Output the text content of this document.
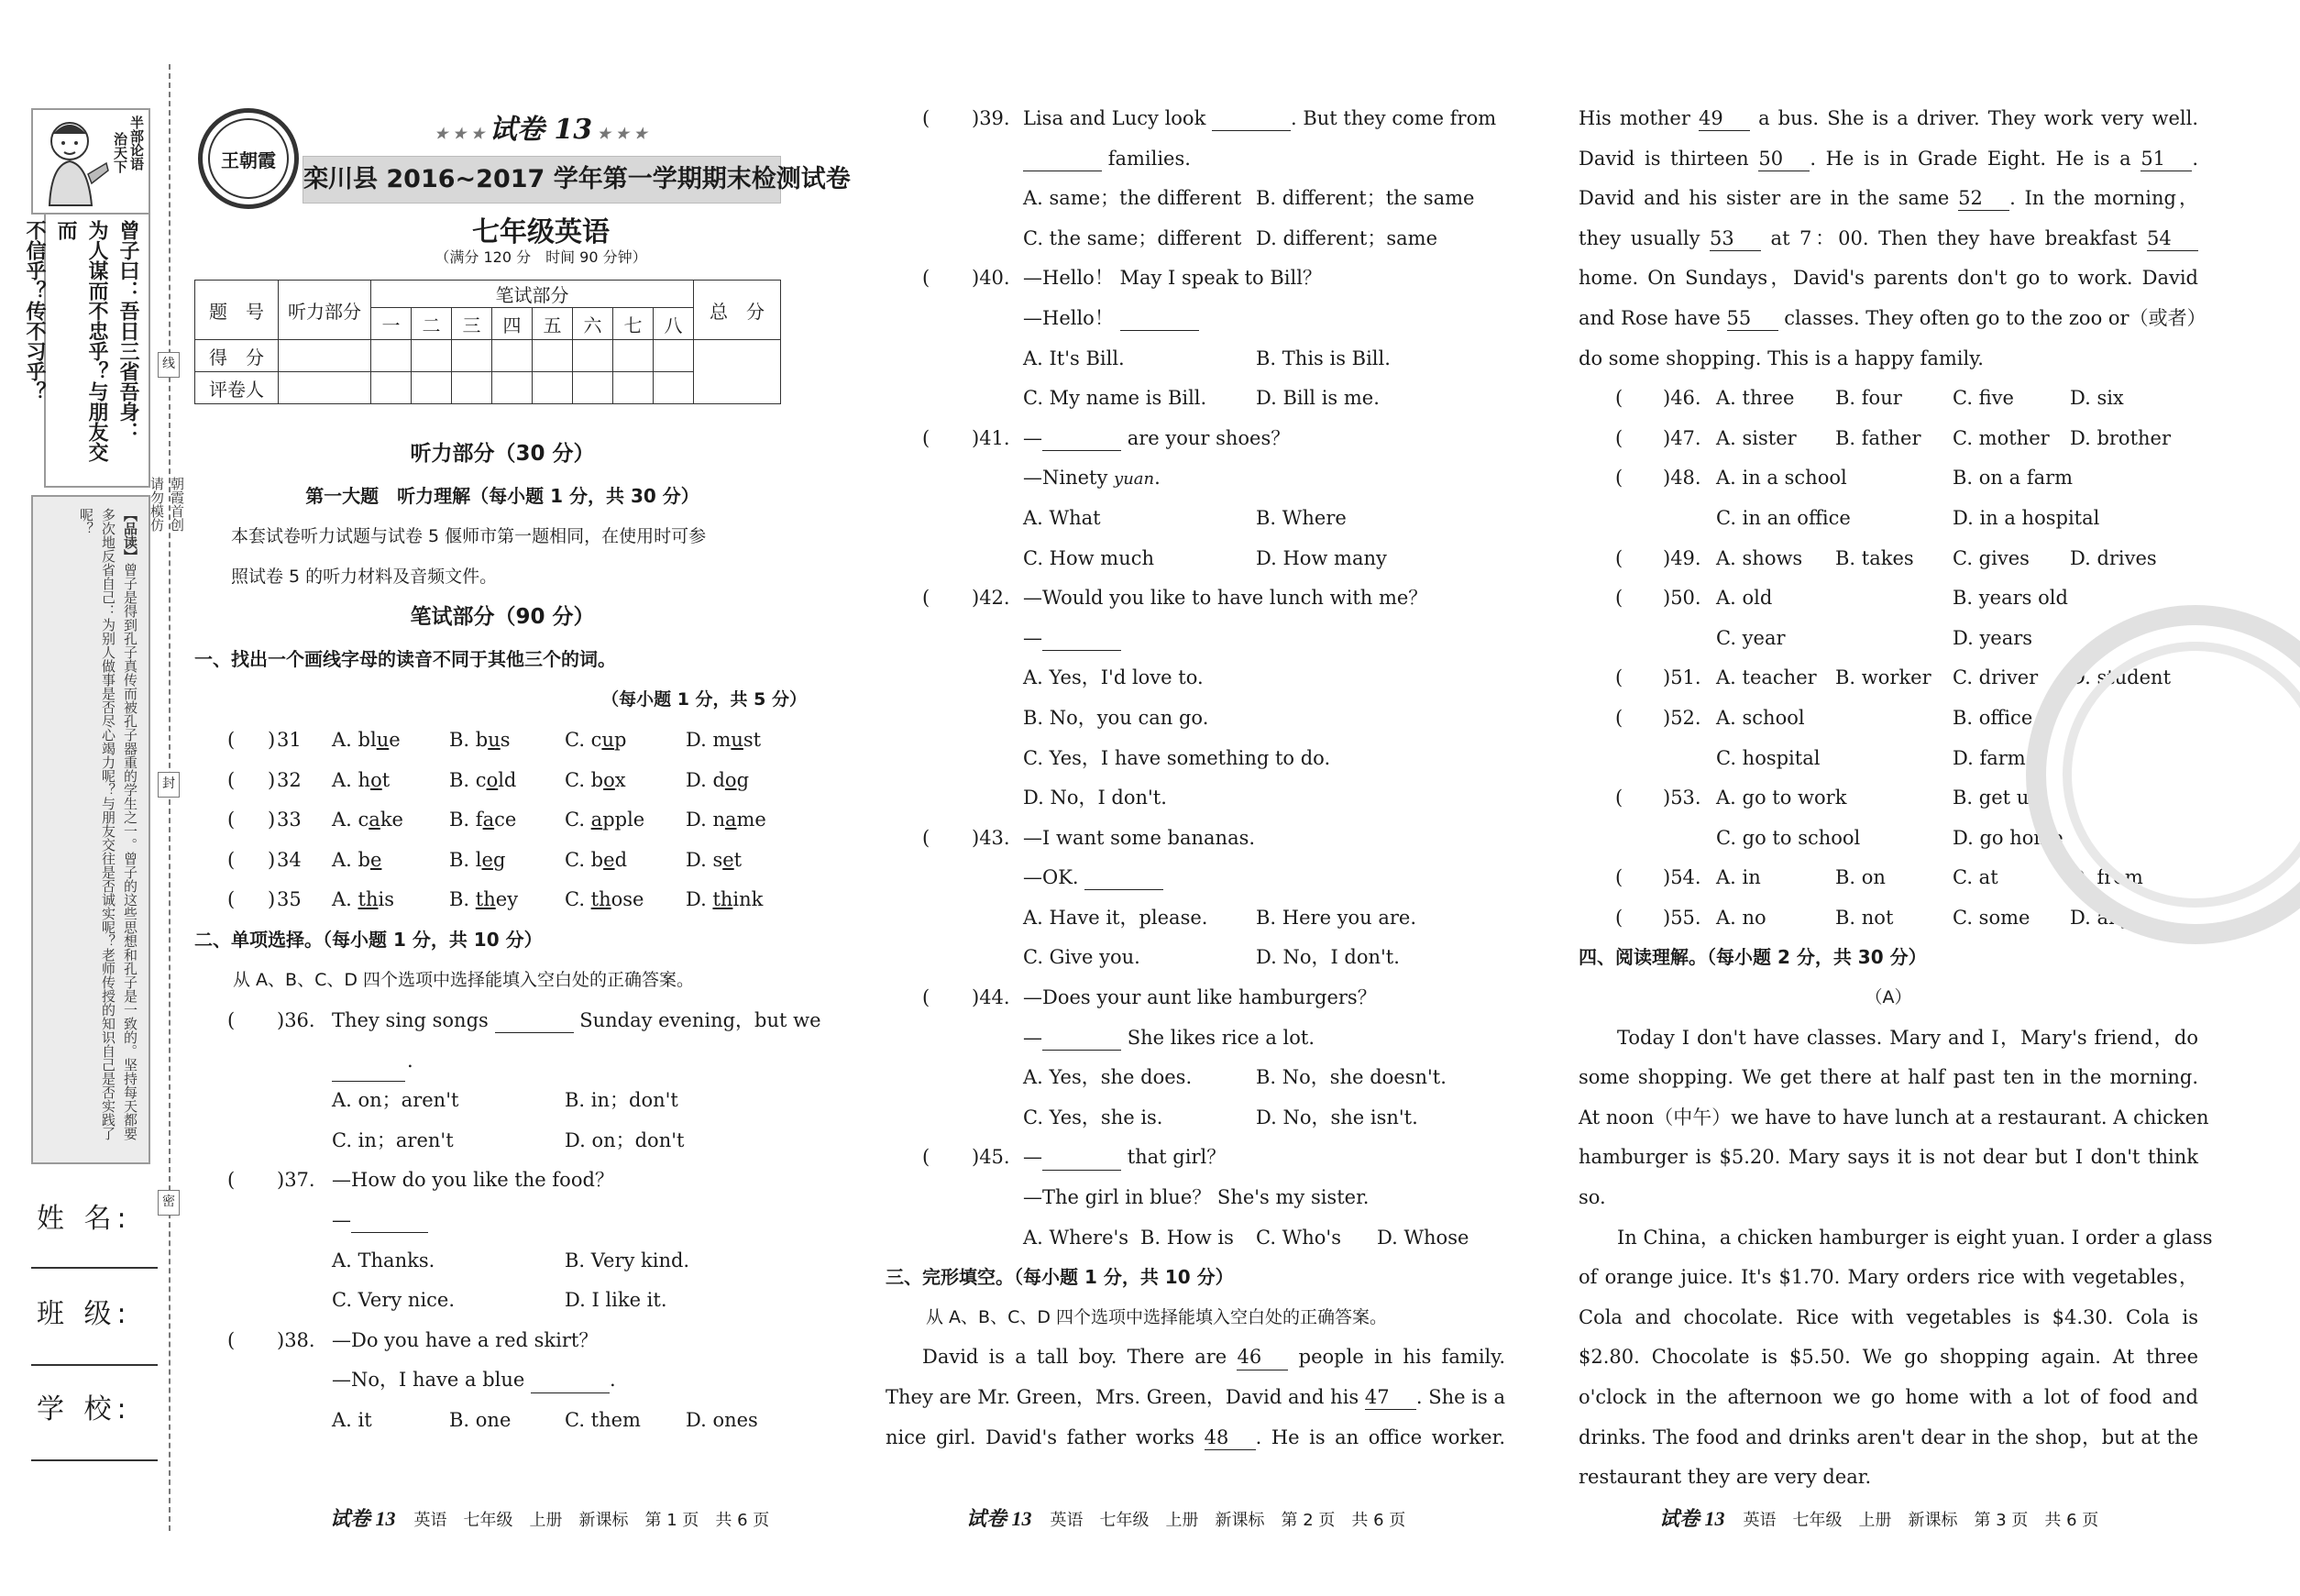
半部论语
治天下
曾子曰：吾日三省吾身：
为人谋而不忠乎？与朋友交而
不信乎？传不习乎？
【品读】曾子是得到孔子真传而被孔子器重的学生之一。曾子的这些思想和孔子是一致的。坚持每天都要多次地反省自己：为别人做事是否尽心竭力呢？与朋友交往是否诚实呢？老师传授的知识自己是否实践了呢？
线
封
密
朝霞首创
请勿模仿
姓 名:
班 级:
学 校:
王朝霞
★ ★ ★ 试卷 13 ★ ★ ★
栾川县 2016~2017 学年第一学期期末检测试卷
七年级英语
（满分 120 分　时间 90 分钟）
题　号	听力部分	笔试部分								总　分
		一	二	三	四	五	六	七	八	
得　分										
评卷人										
听力部分（30 分）
第一大题　听力理解（每小题 1 分，共 30 分）
本套试卷听力试题与试卷 5 偃师市第一题相同，在使用时可参
照试卷 5 的听力材料及音频文件。
笔试部分（90 分）
一、找出一个画线字母的读音不同于其他三个的词。
（每小题 1 分，共 5 分）
( ) 31 A. blue	B. bus	C. cup	D. must
( ) 32 A. hot	B. cold	C. box	D. dog
( ) 33 A. cake B. face	C. apple D. name
( ) 34 A. be	B. leg	C. bed	D. set
( ) 35 A. this	B. they C. those D. think
二、单项选择。（每小题 1 分，共 10 分）
从 A、B、C、D 四个选项中选择能填入空白处的正确答案。
( )36. They sing songs	Sunday evening，but we

.
A. on；aren't	B. in；don't
C. in；aren't	D. on；don't
( )37. —How do you like the food？
—
A. Thanks.	B. Very kind.
C. Very nice.	D. I like it.
( )38. —Do you have a red skirt？
—No，I have a blue	.
A. it	B. one	C. them D. ones
( )39. Lisa and Lucy look	. But they come from
families.
A. same；the different B. different；the same
C. the same；different D. different；same
( )40. —Hello！ May I speak to Bill？
—Hello！
A. It's Bill.	B. This is Bill.
C. My name is Bill.	D. Bill is me.
( )41. —	are your shoes？
—Ninety yuan.
A. What	B. Where
C. How much	D. How many
( )42. —Would you like to have lunch with me？
—
A. Yes，I'd love to.
B. No，you can go.
C. Yes，I have something to do.
D. No，I don't.
( )43. —I want some bananas.
—OK.
A. Have it，please.	B. Here you are.
C. Give you.	D. No，I don't.
( )44. —Does your aunt like hamburgers？
—	She likes rice a lot.
A. Yes，she does.	B. No，she doesn't.
C. Yes，she is.	D. No，she isn't.
( )45. —	that girl？
—The girl in blue？ She's my sister.
A. Where's B. How is C. Who's D. Whose
三、完形填空。（每小题 1 分，共 10 分）
从 A、B、C、D 四个选项中选择能填入空白处的正确答案。
David is a tall boy. There are 46 people in his family.
They are Mr. Green，Mrs. Green，David and his 47 . She is a
nice girl. David's father works 48 . He is an office worker.
His mother 49 a bus. She is a driver. They work very well.
David is thirteen 50 . He is in Grade Eight. He is a 51 .
David and his sister are in the same 52 . In the morning，
they usually 53 at 7：00. Then they have breakfast 54
home. On Sundays，David's parents don't go to work. David
and Rose have 55 classes. They often go to the zoo or（或者）
do some shopping. This is a happy family.
( )46. A. three B. four	C. five	D. six
( )47. A. sister B. father C. mother D. brother
( )48. A. in a school	B. on a farm
C. in an office	D. in a hospital
( )49. A. shows B. takes C. gives D. drives
( )50. A. old	B. years old
C. year	D. years
( )51. A. teacher B. worker C. driver D. student
( )52. A. school	B. office
C. hospital	D. farm
( )53. A. go to work	B. get up
C. go to school	D. go home
( )54. A. in	B. on	C. at	D. from
( )55. A. no	B. not	C. some D. any
四、阅读理解。（每小题 2 分，共 30 分）
（A）
Today I don't have classes. Mary and I，Mary's friend，do
some shopping. We get there at half past ten in the morning.
At noon（中午）we have to have lunch at a restaurant. A chicken
hamburger is $5.20. Mary says it is not dear but I don't think
so.
In China，a chicken hamburger is eight yuan. I order a glass
of orange juice. It's $1.70. Mary orders rice with vegetables，
Cola and chocolate. Rice with vegetables is $4.30. Cola is
$2.80. Chocolate is $5.50. We go shopping again. At three
o'clock in the afternoon we go home with a lot of food and
drinks. The food and drinks aren't dear in the shop，but at the
restaurant they are very dear.
试卷 13 英语　七年级　上册　新课标　第 1 页　共 6 页	试卷 13 英语　七年级　上册　新课标　第 2 页　共 6 页	试卷 13 英语　七年级　上册　新课标　第 3 页　共 6 页
